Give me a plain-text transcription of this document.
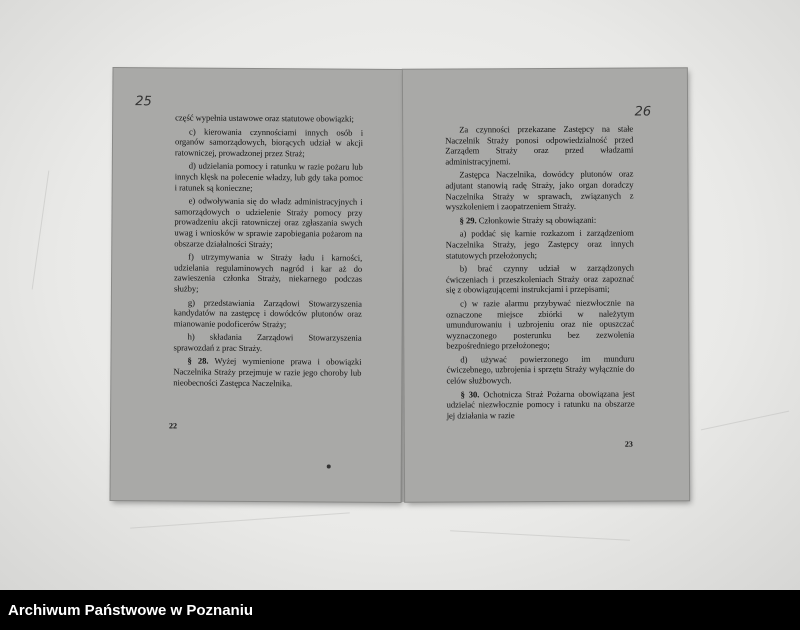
25

część wypełnia ustawowe oraz statutowe obowiązki;

c) kierowania czynnościami innych osób i organów samorządowych, biorących udział w akcji ratowniczej, prowadzonej przez Straż;

d) udzielania pomocy i ratunku w razie pożaru lub innych klęsk na polecenie władzy, lub gdy taka pomoc i ratunek są konieczne;

e) odwoływania się do władz administracyjnych i samorządowych o udzielenie Straży pomocy przy prowadzeniu akcji ratowniczej oraz zgłaszania swych uwag i wniosków w sprawie zapobiegania pożarom na obszarze działalności Straży;

f) utrzymywania w Straży ładu i karności, udzielania regulaminowych nagród i kar aż do zawieszenia członka Straży, niekarnego podczas służby;

g) przedstawiania Zarządowi Stowarzyszenia kandydatów na zastępcę i dowódców plutonów oraz mianowanie podoficerów Straży;

h) składania Zarządowi Stowarzyszenia sprawozdań z prac Straży.

§ 28. Wyżej wymienione prawa i obowiązki Naczelnika Straży przejmuje w razie jego choroby lub nieobecności Zastępca Naczelnika.

22
26

Za czynności przekazane Zastępcy na stałe Naczelnik Straży ponosi odpowiedzialność przed Zarządem Straży oraz przed władzami administracyjnemi.

Zastępca Naczelnika, dowódcy plutonów oraz adjutant stanowią radę Straży, jako organ doradczy Naczelnika Straży w sprawach, związanych z wyszkoleniem i zaopatrzeniem Straży.

§ 29. Członkowie Straży są obowiązani:

a) poddać się karnie rozkazom i zarządzeniom Naczelnika Straży, jego Zastępcy oraz innych statutowych przełożonych;

b) brać czynny udział w zarządzonych ćwiczeniach i przeszkoleniach Straży oraz zapoznać się z obowiązującemi instrukcjami i przepisami;

c) w razie alarmu przybywać niezwłocznie na oznaczone miejsce zbiórki w należytym umundurowaniu i uzbrojeniu oraz nie opuszczać wyznaczonego posterunku bez zezwolenia bezpośredniego przełożonego;

d) używać powierzonego im munduru ćwiczebnego, uzbrojenia i sprzętu Straży wyłącznie do celów służbowych.

§ 30. Ochotnicza Straż Pożarna obowiązana jest udzielać niezwłocznie pomocy i ratunku na obszarze jej działania w razie

23
Archiwum Państwowe w Poznaniu
